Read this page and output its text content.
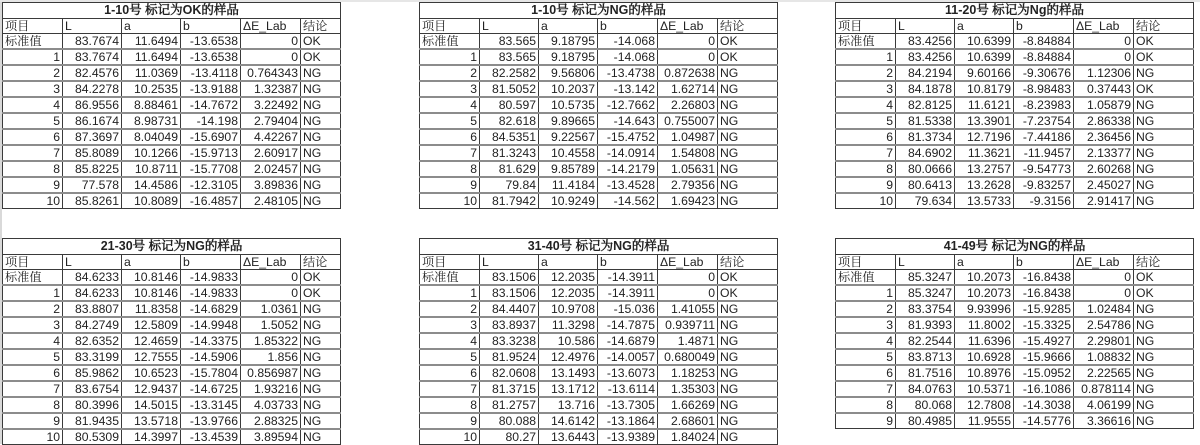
1-10号 标记为OK的样品					
项目	L	a	b	ΔE_Lab	结论
标准值	83.7674	11.6494	-13.6538	0	OK
1	83.7674	11.6494	-13.6538	0	OK
2	82.4576	11.0369	-13.4118	0.764343	NG
3	84.2278	10.2535	-13.9188	1.32387	NG
4	86.9556	8.88461	-14.7672	3.22492	NG
5	86.1674	8.98731	-14.198	2.79404	NG
6	87.3697	8.04049	-15.6907	4.42267	NG
7	85.8089	10.1266	-15.9713	2.60917	NG
8	85.8225	10.8711	-15.7708	2.02457	NG
9	77.578	14.4586	-12.3105	3.89836	NG
10	85.8261	10.8089	-16.4857	2.48105	NG
1-10号 标记为NG的样品					
项目	L	a	b	ΔE_Lab	结论
标准值	83.565	9.18795	-14.068	0	OK
1	83.565	9.18795	-14.068	0	OK
2	82.2582	9.56806	-13.4738	0.872638	NG
3	81.5052	10.2037	-13.142	1.62714	NG
4	80.597	10.5735	-12.7662	2.26803	NG
5	82.618	9.89665	-14.643	0.755007	NG
6	84.5351	9.22567	-15.4752	1.04987	NG
7	81.3243	10.4558	-14.0914	1.54808	NG
8	81.629	9.85789	-14.2179	1.05631	NG
9	79.84	11.4184	-13.4528	2.79356	NG
10	81.7942	10.9249	-14.562	1.69423	NG
11-20号 标记为Ng的样品					
项目	L	a	b	ΔE_Lab	结论
标准值	83.4256	10.6399	-8.84884	0	OK
1	83.4256	10.6399	-8.84884	0	OK
2	84.2194	9.60166	-9.30676	1.12306	NG
3	84.1878	10.8179	-8.98483	0.37443	OK
4	82.8125	11.6121	-8.23983	1.05879	NG
5	81.5338	13.3901	-7.23754	2.86338	NG
6	81.3734	12.7196	-7.44186	2.36456	NG
7	84.6902	11.3621	-11.9457	2.13377	NG
8	80.0666	13.2757	-9.54773	2.60268	NG
9	80.6413	13.2628	-9.83257	2.45027	NG
10	79.634	13.5733	-9.3156	2.91417	NG
21-30号 标记为NG的样品					
项目	L	a	b	ΔE_Lab	结论
标准值	84.6233	10.8146	-14.9833	0	OK
1	84.6233	10.8146	-14.9833	0	OK
2	83.8807	11.8358	-14.6829	1.0361	NG
3	84.2749	12.5809	-14.9948	1.5052	NG
4	82.6352	12.4659	-14.3375	1.85322	NG
5	83.3199	12.7555	-14.5906	1.856	NG
6	85.9862	10.6523	-15.7804	0.856987	NG
7	83.6754	12.9437	-14.6725	1.93216	NG
8	80.3996	14.5015	-13.3145	4.03733	NG
9	81.9435	13.5718	-13.9766	2.88325	NG
10	80.5309	14.3997	-13.4539	3.89594	NG
31-40号 标记为NG的样品					
项目	L	a	b	ΔE_Lab	结论
标准值	83.1506	12.2035	-14.3911	0	OK
1	83.1506	12.2035	-14.3911	0	OK
2	84.4407	10.9708	-15.036	1.41055	NG
3	83.8937	11.3298	-14.7875	0.939711	NG
4	83.3238	10.586	-14.6879	1.4871	NG
5	81.9524	12.4976	-14.0057	0.680049	NG
6	82.0608	13.1493	-13.6073	1.18253	NG
7	81.3715	13.1712	-13.6114	1.35303	NG
8	81.2757	13.716	-13.7305	1.66269	NG
9	80.088	14.6142	-13.1864	2.68601	NG
10	80.27	13.6443	-13.9389	1.84024	NG
41-49号 标记为NG的样品					
项目	L	a	b	ΔE_Lab	结论
标准值	85.3247	10.2073	-16.8438	0	OK
1	85.3247	10.2073	-16.8438	0	OK
2	83.3754	9.93996	-15.9285	1.02484	NG
3	81.9393	11.8002	-15.3325	2.54786	NG
4	82.2544	11.6396	-15.4927	2.29801	NG
5	83.8713	10.6928	-15.9666	1.08832	NG
6	81.7516	10.8976	-15.0952	2.22565	NG
7	84.0763	10.5371	-16.1086	0.878114	NG
8	80.068	12.7808	-14.3038	4.06199	NG
9	80.4985	11.9555	-14.5776	3.36616	NG
